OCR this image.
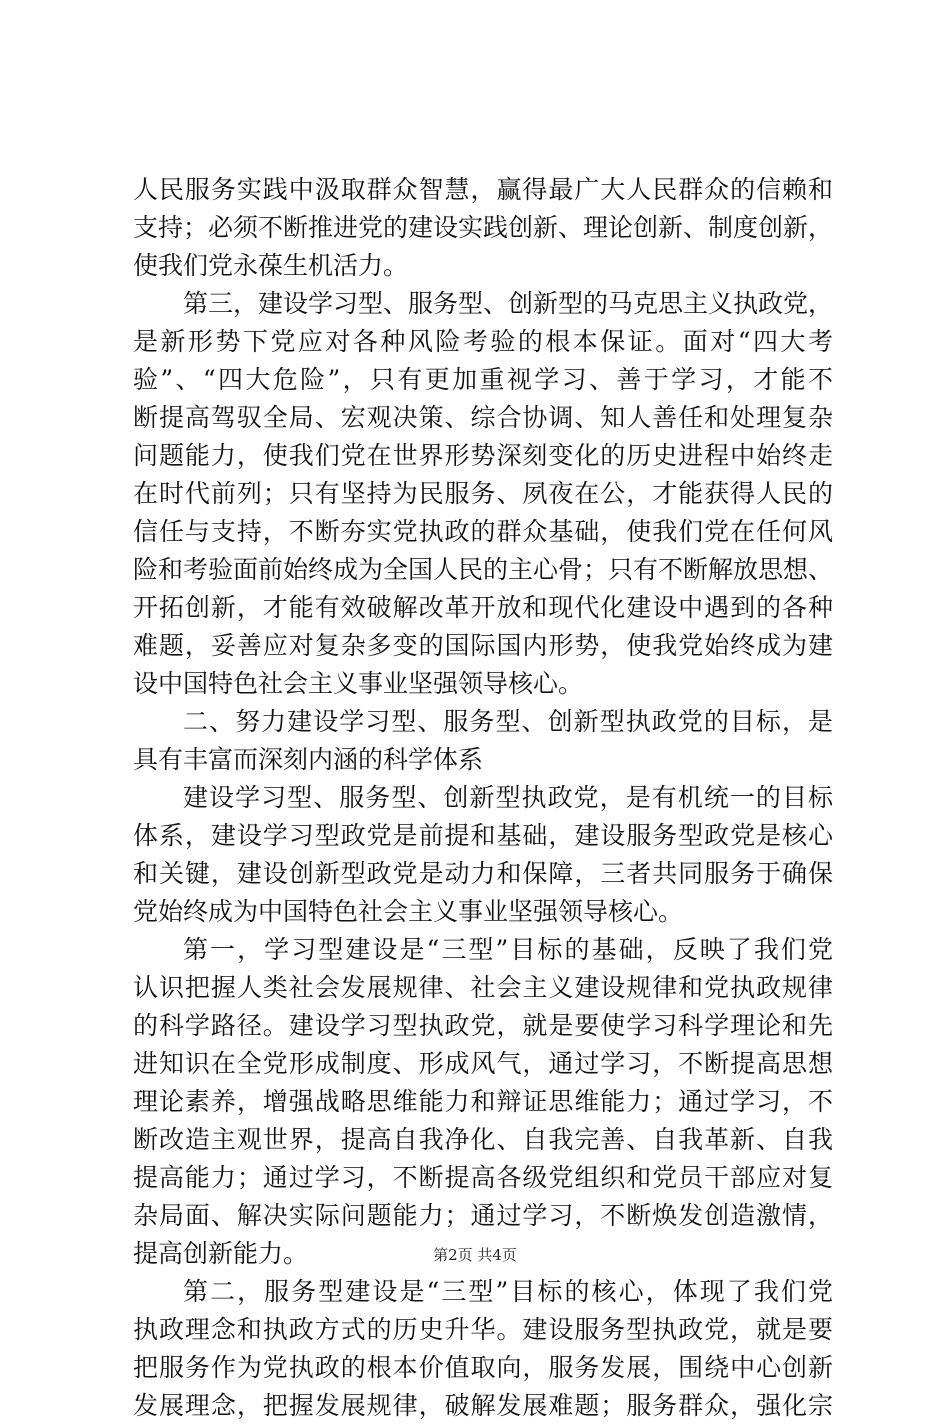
人民服务实践中汲取群众智慧，赢得最广大人民群众的信赖和
支持；必须不断推进党的建设实践创新、理论创新、制度创新，
使我们党永葆生机活力。
第三，建设学习型、服务型、创新型的马克思主义执政党，
是新形势下党应对各种风险考验的根本保证。面对“四大考
验”、“四大危险”，只有更加重视学习、善于学习，才能不
断提高驾驭全局、宏观决策、综合协调、知人善任和处理复杂
问题能力，使我们党在世界形势深刻变化的历史进程中始终走
在时代前列；只有坚持为民服务、夙夜在公，才能获得人民的
信任与支持，不断夯实党执政的群众基础，使我们党在任何风
险和考验面前始终成为全国人民的主心骨；只有不断解放思想、
开拓创新，才能有效破解改革开放和现代化建设中遇到的各种
难题，妥善应对复杂多变的国际国内形势，使我党始终成为建
设中国特色社会主义事业坚强领导核心。
二、努力建设学习型、服务型、创新型执政党的目标，是
具有丰富而深刻内涵的科学体系
建设学习型、服务型、创新型执政党，是有机统一的目标
体系，建设学习型政党是前提和基础，建设服务型政党是核心
和关键，建设创新型政党是动力和保障，三者共同服务于确保
党始终成为中国特色社会主义事业坚强领导核心。
第一，学习型建设是“三型”目标的基础，反映了我们党
认识把握人类社会发展规律、社会主义建设规律和党执政规律
的科学路径。建设学习型执政党，就是要使学习科学理论和先
进知识在全党形成制度、形成风气，通过学习，不断提高思想
理论素养，增强战略思维能力和辩证思维能力；通过学习，不
断改造主观世界，提高自我净化、自我完善、自我革新、自我
提高能力；通过学习，不断提高各级党组织和党员干部应对复
杂局面、解决实际问题能力；通过学习，不断焕发创造激情，
提高创新能力。
第二，服务型建设是“三型”目标的核心，体现了我们党
执政理念和执政方式的历史升华。建设服务型执政党，就是要
把服务作为党执政的根本价值取向，服务发展，围绕中心创新
发展理念，把握发展规律，破解发展难题；服务群众，强化宗
第2页 共4页
